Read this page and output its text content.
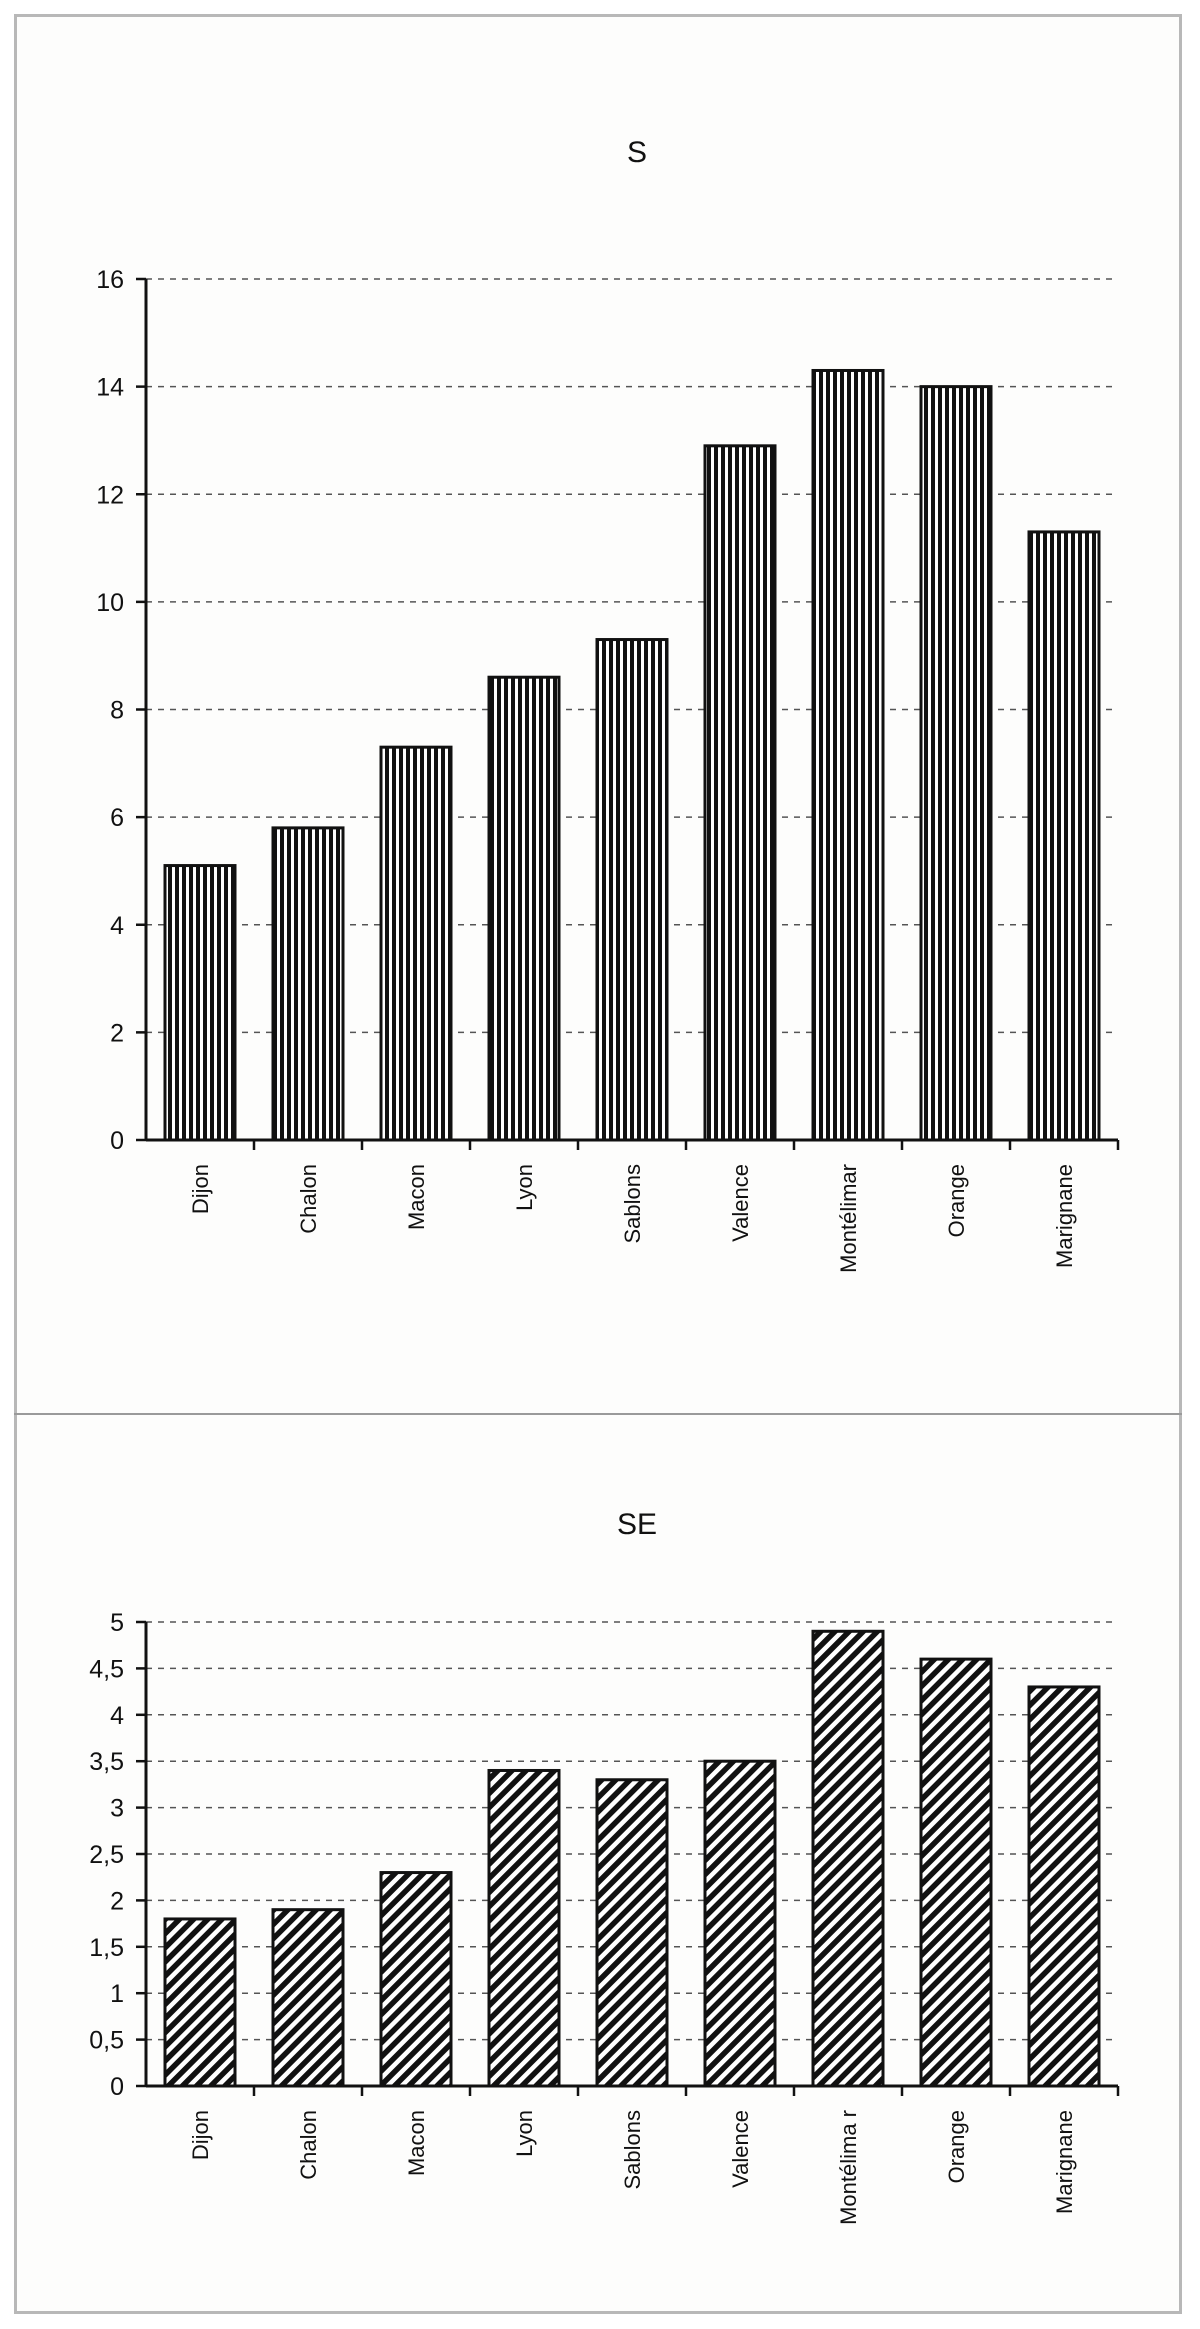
S
0
2
4
6
8
10
12
14
16
Dijon	Chalon	Macon	Lyon	Sablons	Valence	Montélimar	Orange	Marignane
SE
0
0,5
1
1,5
2
2,5
3
3,5
4
4,5
5
Dijon	Chalon	Macon	Lyon	Sablons	Valence	Montélima r	Orange	Marignane
